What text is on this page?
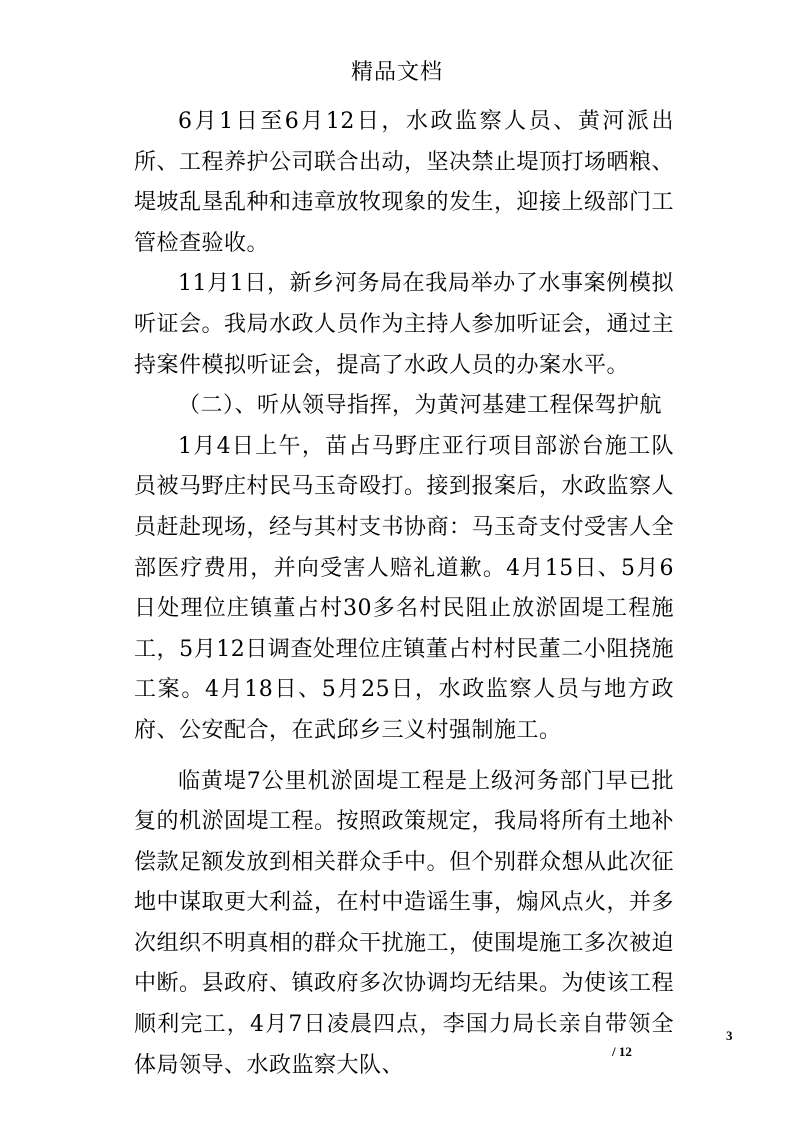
精品文档

6月1日至6月12日，水政监察人员、黄河派出所、工程养护公司联合出动，坚决禁止堤顶打场晒粮、堤坡乱垦乱种和违章放牧现象的发生，迎接上级部门工管检查验收。

11月1日，新乡河务局在我局举办了水事案例模拟听证会。我局水政人员作为主持人参加听证会，通过主持案件模拟听证会，提高了水政人员的办案水平。

（二）、听从领导指挥，为黄河基建工程保驾护航

1月4日上午，苗占马野庄亚行项目部淤台施工队员被马野庄村民马玉奇殴打。接到报案后，水政监察人员赶赴现场，经与其村支书协商：马玉奇支付受害人全部医疗费用，并向受害人赔礼道歉。4月15日、5月6日处理位庄镇董占村30多名村民阻止放淤固堤工程施工，5月12日调查处理位庄镇董占村村民董二小阻挠施工案。4月18日、5月25日，水政监察人员与地方政府、公安配合，在武邱乡三义村强制施工。

临黄堤7公里机淤固堤工程是上级河务部门早已批复的机淤固堤工程。按照政策规定，我局将所有土地补偿款足额发放到相关群众手中。但个别群众想从此次征地中谋取更大利益，在村中造谣生事，煽风点火，并多次组织不明真相的群众干扰施工，使围堤施工多次被迫中断。县政府、镇政府多次协调均无结果。为使该工程顺利完工，4月7日凌晨四点，李国力局长亲自带领全体局领导、水政监察大队、

3
/ 12
